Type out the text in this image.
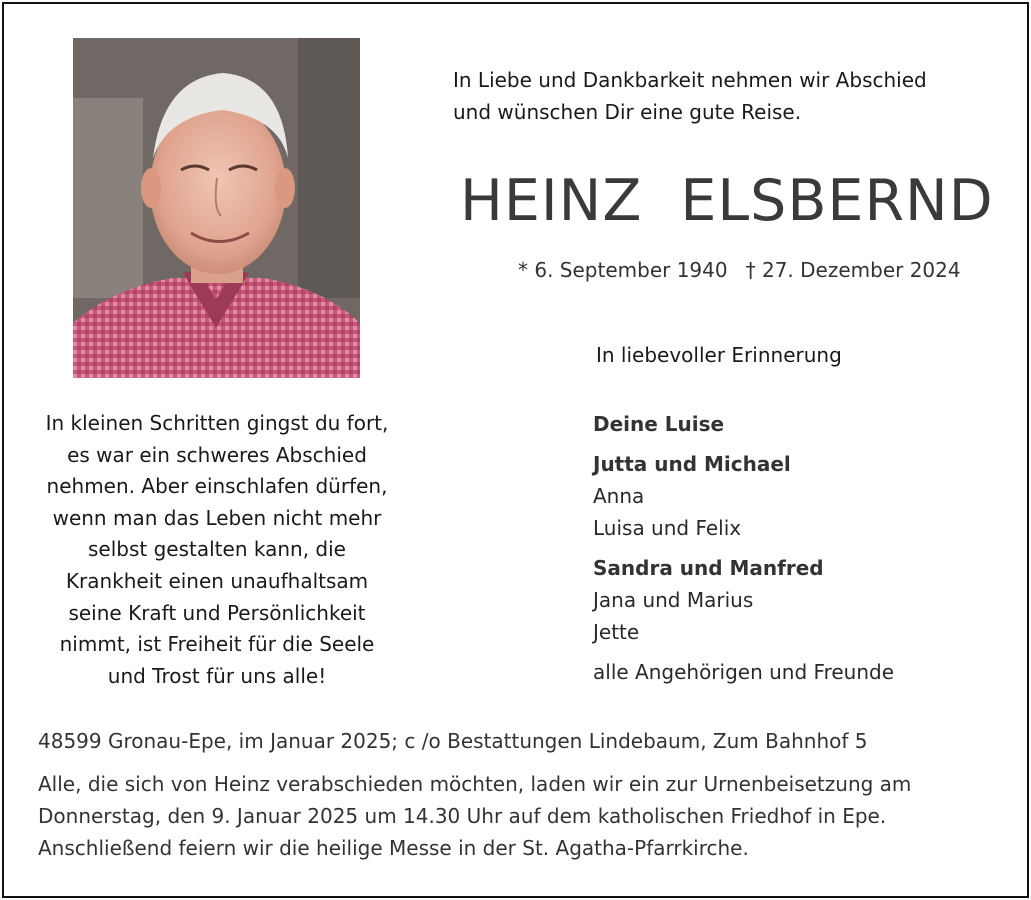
In Liebe und Dankbarkeit nehmen wir Abschied
und wünschen Dir eine gute Reise.
HEINZ ELSBERND
* 6. September 1940 † 27. Dezember 2024
In liebevoller Erinnerung
In kleinen Schritten gingst du fort,
es war ein schweres Abschied
nehmen. Aber einschlafen dürfen,
wenn man das Leben nicht mehr
selbst gestalten kann, die
Krankheit einen unaufhaltsam
seine Kraft und Persönlichkeit
nimmt, ist Freiheit für die Seele
und Trost für uns alle!
Deine Luise
Jutta und Michael
Anna
Luisa und Felix
Sandra und Manfred
Jana und Marius
Jette
alle Angehörigen und Freunde
48599 Gronau-Epe, im Januar 2025; c /o Bestattungen Lindebaum, Zum Bahnhof 5

Alle, die sich von Heinz verabschieden möchten, laden wir ein zur Urnenbeisetzung am

Donnerstag, den 9. Januar 2025 um 14.30 Uhr auf dem katholischen Friedhof in Epe.

Anschließend feiern wir die heilige Messe in der St. Agatha-Pfarrkirche.
